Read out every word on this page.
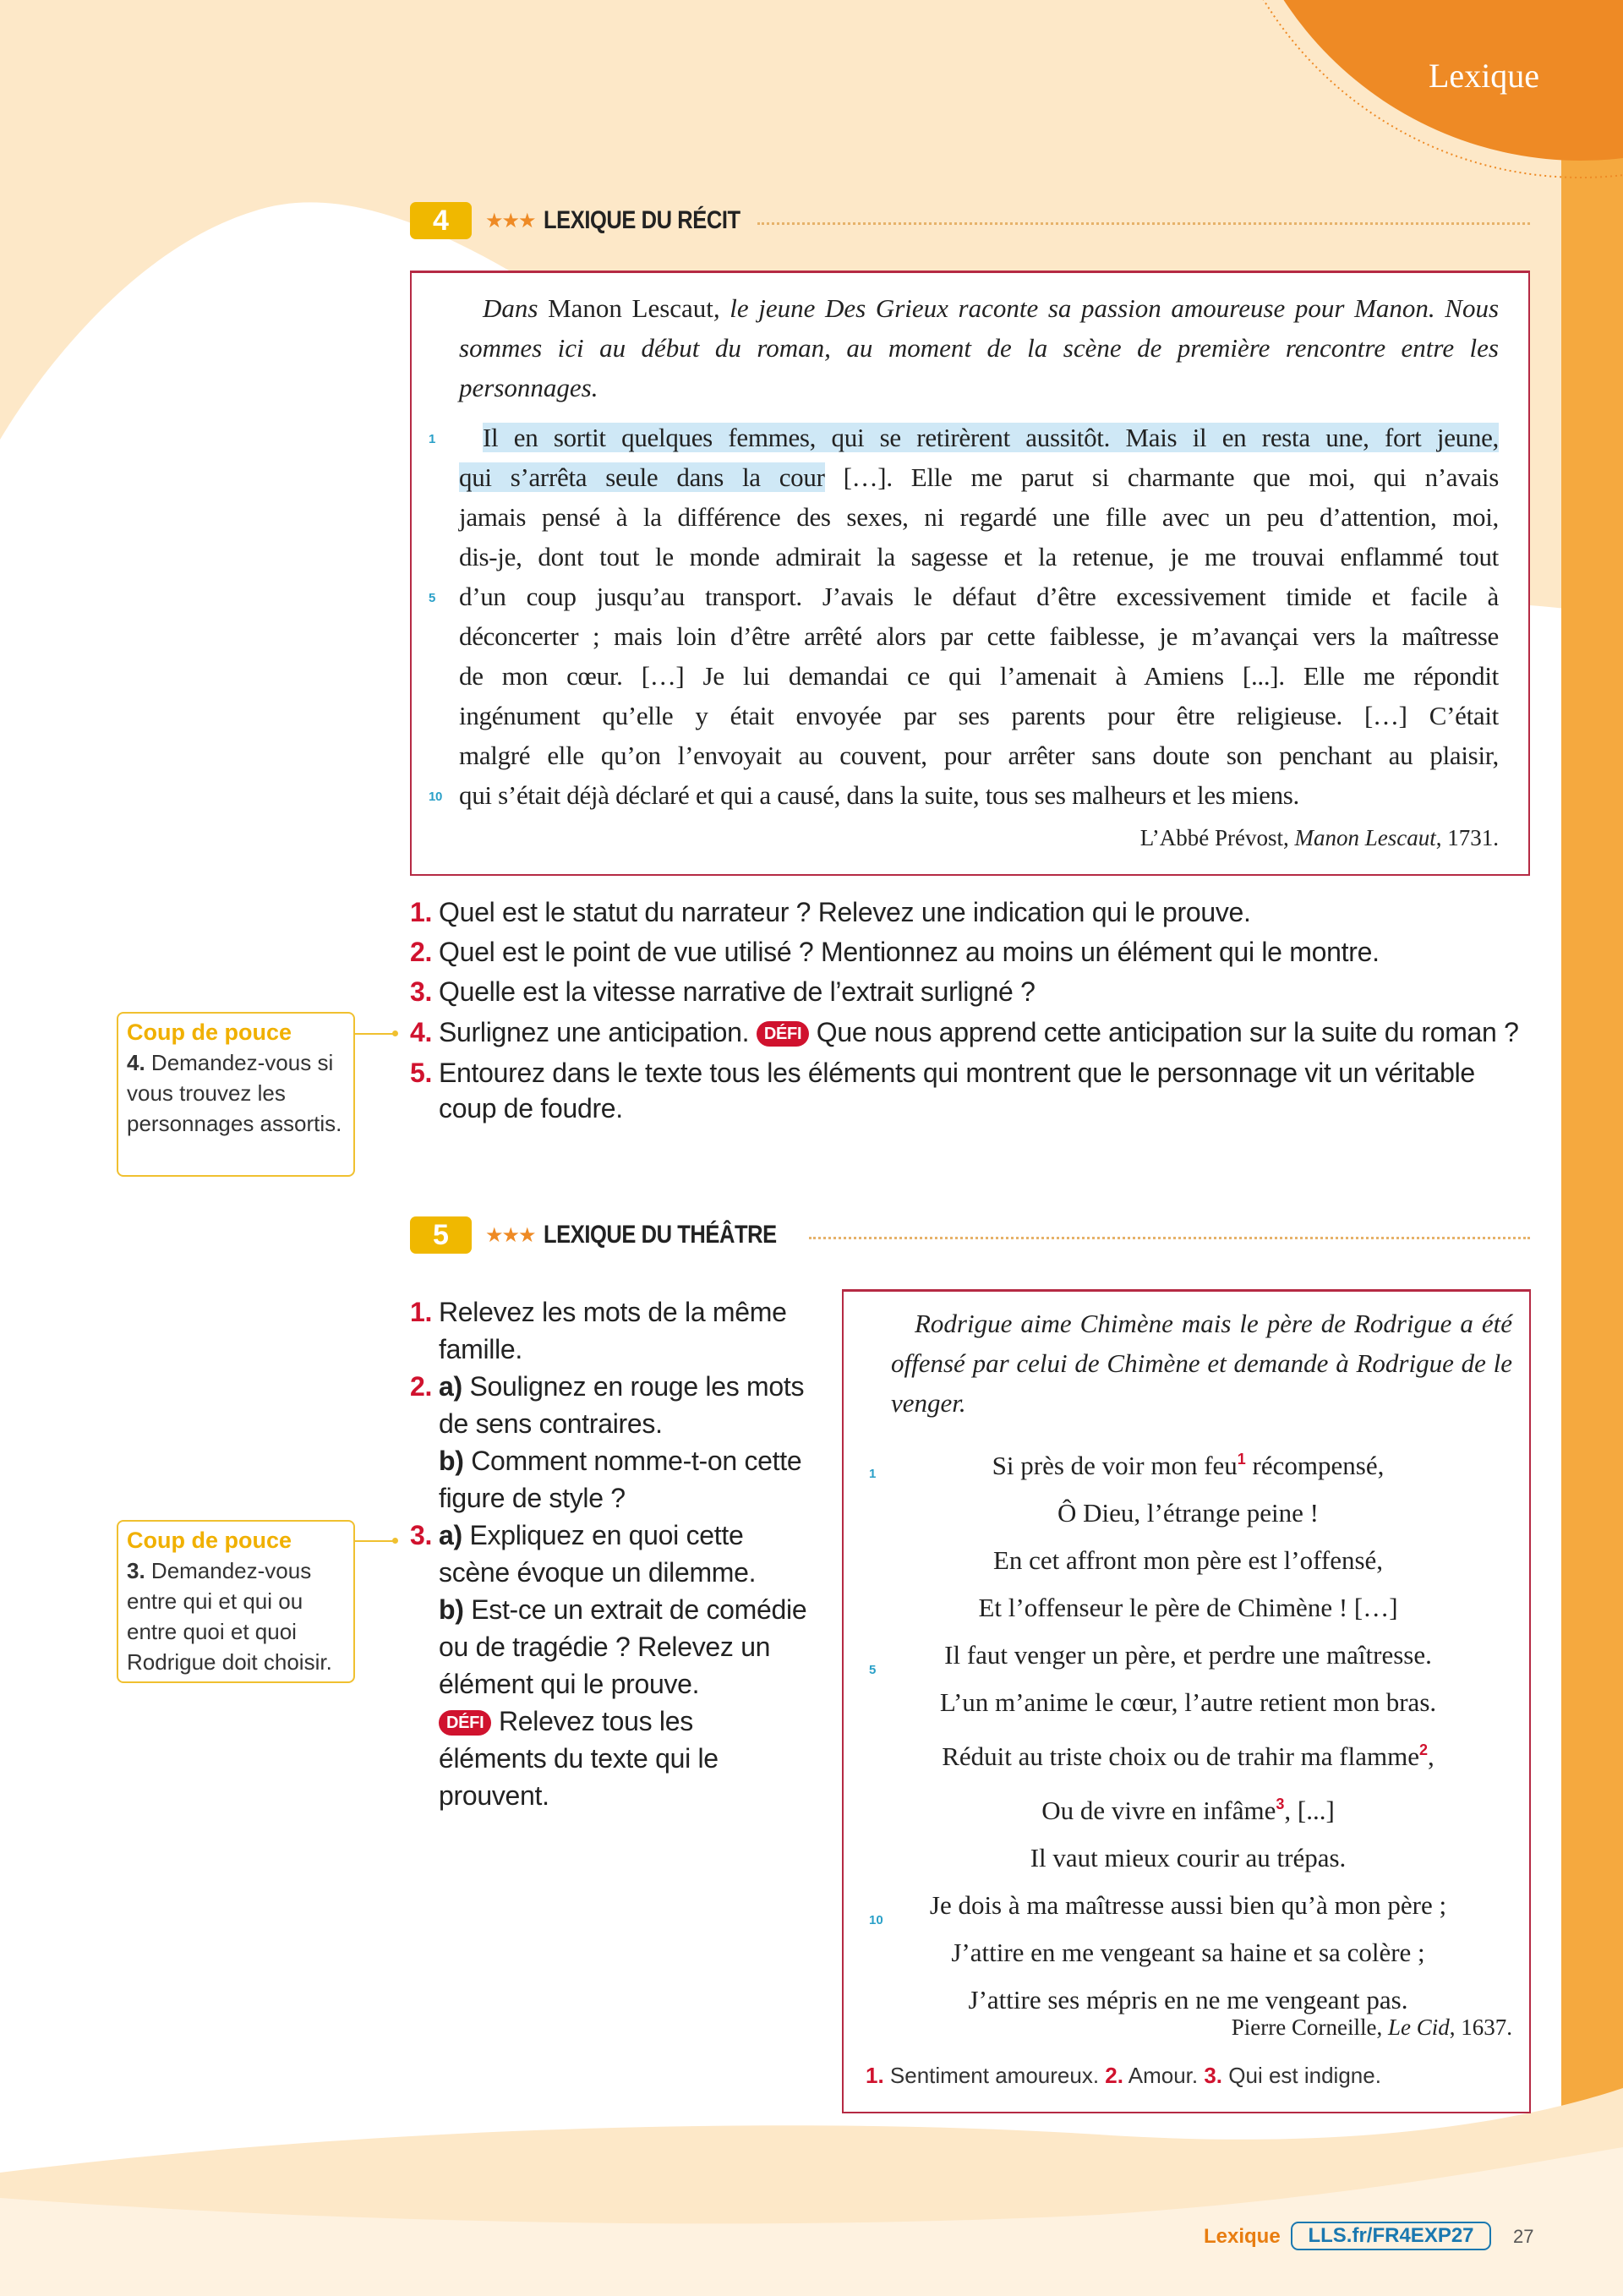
Lexique
4	★★★ LEXIQUE DU RÉCIT

Dans Manon Lescaut, le jeune Des Grieux raconte sa passion amoureuse pour Manon. Nous sommes ici au début du roman, au moment de la scène de première rencontre entre les personnages.

1 Il en sortit quelques femmes, qui se retirèrent aussitôt. Mais il en resta une, fort jeune,
qui s’arrêta seule dans la cour […]. Elle me parut si charmante que moi, qui n’avais
jamais pensé à la différence des sexes, ni regardé une fille avec un peu d’attention, moi,
dis-je, dont tout le monde admirait la sagesse et la retenue, je me trouvai enflammé tout
5 d’un coup jusqu’au transport. J’avais le défaut d’être excessivement timide et facile à
déconcerter ; mais loin d’être arrêté alors par cette faiblesse, je m’avançai vers la maîtresse
de mon cœur. […] Je lui demandai ce qui l’amenait à Amiens [...]. Elle me répondit
ingénument qu’elle y était envoyée par ses parents pour être religieuse. […] C’était
malgré elle qu’on l’envoyait au couvent, pour arrêter sans doute son penchant au plaisir,
10 qui s’était déjà déclaré et qui a causé, dans la suite, tous ses malheurs et les miens.

L’Abbé Prévost, Manon Lescaut, 1731.

1. Quel est le statut du narrateur ? Relevez une indication qui le prouve.
2. Quel est le point de vue utilisé ? Mentionnez au moins un élément qui le montre.
3. Quelle est la vitesse narrative de l’extrait surligné ?
4. Surlignez une anticipation. DÉFI Que nous apprend cette anticipation sur la suite du roman ?
5. Entourez dans le texte tous les éléments qui montrent que le personnage vit un véritable coup de foudre.
Coup de pouce
4. Demandez-vous si vous trouvez les personnages assortis.
5	★★★ LEXIQUE DU THÉÂTRE
1. Relevez les mots de la même famille.
2. a) Soulignez en rouge les mots de sens contraires.
b) Comment nomme-t-on cette figure de style ?
3. a) Expliquez en quoi cette scène évoque un dilemme.
b) Est-ce un extrait de comédie ou de tragédie ? Relevez un élément qui le prouve.
DÉFI Relevez tous les éléments du texte qui le prouvent.
Coup de pouce
3. Demandez-vous entre qui et qui ou entre quoi et quoi Rodrigue doit choisir.

Rodrigue aime Chimène mais le père de Rodrigue a été offensé par celui de Chimène et demande à Rodrigue de le venger.

1	Si près de voir mon feu$^1$ récompensé,
Ô Dieu, l’étrange peine !
En cet affront mon père est l’offensé,
Et l’offenseur le père de Chimène ! […]
5
Il faut venger un père, et perdre une maîtresse.
L’un m’anime le cœur, l’autre retient mon bras.
Réduit au triste choix ou de trahir ma flamme$^2$,
Ou de vivre en infâme$^3$, [...]
Il vaut mieux courir au trépas.
10
Je dois à ma maîtresse aussi bien qu’à mon père ;
J’attire en me vengeant sa haine et sa colère ;
J’attire ses mépris en ne me vengeant pas.

Pierre Corneille, Le Cid, 1637.

1. Sentiment amoureux. 2. Amour. 3. Qui est indigne.

Lexique	LLS.fr/FR4EXP27	27
